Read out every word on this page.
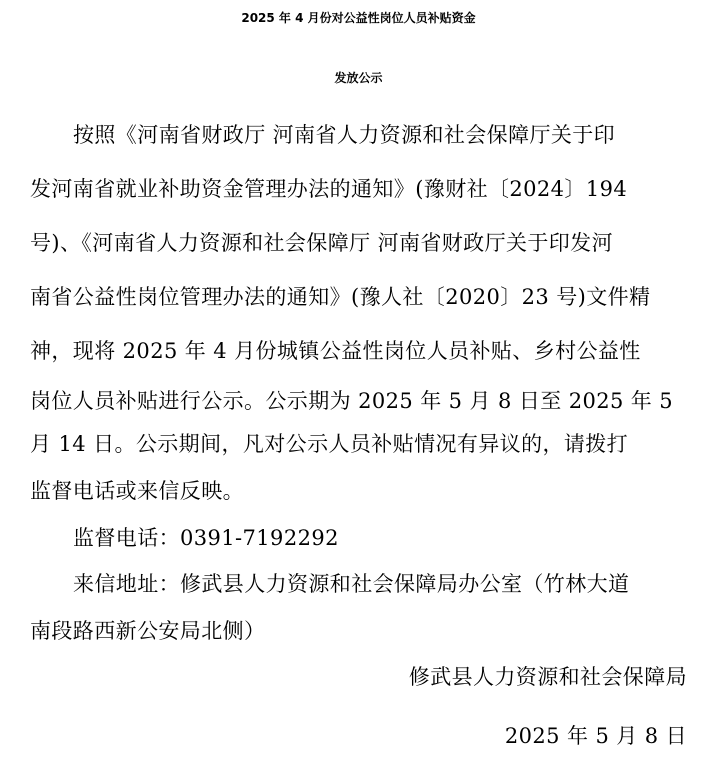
2025 年 4 月份对公益性岗位人员补贴资金
发放公示
按照《河南省财政厅 河南省人力资源和社会保障厅关于印
发河南省就业补助资金管理办法的通知》(豫财社〔2024〕194
号)、《河南省人力资源和社会保障厅 河南省财政厅关于印发河
南省公益性岗位管理办法的通知》(豫人社〔2020〕23 号)文件精
神，现将 2025 年 4 月份城镇公益性岗位人员补贴、乡村公益性
岗位人员补贴进行公示。公示期为 2025 年 5 月 8 日至 2025 年 5
月 14 日。公示期间，凡对公示人员补贴情况有异议的，请拨打
监督电话或来信反映。
监督电话：0391-7192292
来信地址：修武县人力资源和社会保障局办公室（竹林大道
南段路西新公安局北侧）
修武县人力资源和社会保障局
2025 年 5 月 8 日
